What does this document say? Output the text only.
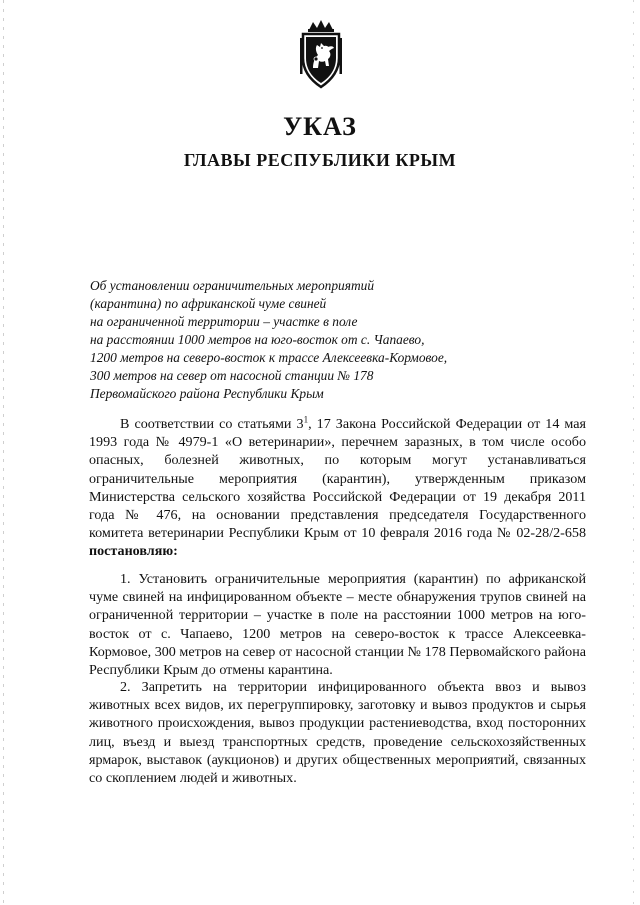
УКАЗ
ГЛАВЫ РЕСПУБЛИКИ КРЫМ
Об установлении ограничительных мероприятий
(карантина) по африканской чуме свиней
на ограниченной территории – участке в поле
на расстоянии 1000 метров на юго-восток от с. Чапаево,
1200 метров на северо-восток к трассе Алексеевка-Кормовое,
300 метров на север от насосной станции № 178
Первомайского района Республики Крым
В соответствии со статьями $3^1$, 17 Закона Российской Федерации от 14 мая 1993 года № 4979-1 «О ветеринарии», перечнем заразных, в том числе особо опасных, болезней животных, по которым могут устанавливаться ограничительные мероприятия (карантин), утвержденным приказом Министерства сельского хозяйства Российской Федерации от 19 декабря 2011 года № 476, на основании представления председателя Государственного комитета ветеринарии Республики Крым от 10 февраля 2016 года № 02-28/2-658 постановляю:
1. Установить ограничительные мероприятия (карантин) по африканской чуме свиней на инфицированном объекте – месте обнаружения трупов свиней на ограниченной территории – участке в поле на расстоянии 1000 метров на юго-восток от с. Чапаево, 1200 метров на северо-восток к трассе Алексеевка-Кормовое, 300 метров на север от насосной станции № 178 Первомайского района Республики Крым до отмены карантина.
2. Запретить на территории инфицированного объекта ввоз и вывоз животных всех видов, их перегруппировку, заготовку и вывоз продуктов и сырья животного происхождения, вывоз продукции растениеводства, вход посторонних лиц, въезд и выезд транспортных средств, проведение сельскохозяйственных ярмарок, выставок (аукционов) и других общественных мероприятий, связанных со скоплением людей и животных.
